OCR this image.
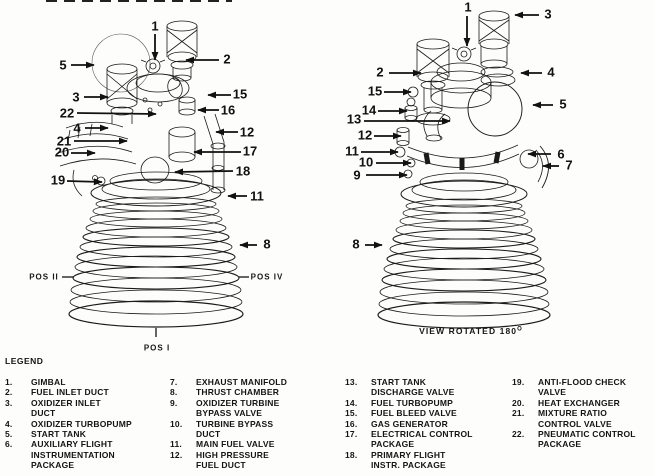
1
2
5
3	15
16
22
4	12
21
20	17
18
19
11
8
POS II	POS IV
POS I
1	3
2	4
15
5
14
13
12
11	6
10	7
9
8
VIEW ROTATED $180^O$
LEGEND
1.	GIMBAL
2.	FUEL INLET DUCT
3.	OXIDIZER INLET
DUCT
4.	OXIDIZER TURBOPUMP
5.	START TANK
6.	AUXILIARY FLIGHT
INSTRUMENTATION
PACKAGE
7.	EXHAUST MANIFOLD
8.	THRUST CHAMBER
9.	OXIDIZER TURBINE
BYPASS VALVE
10.	TURBINE BYPASS
DUCT
11.	MAIN FUEL VALVE
12.	HIGH PRESSURE
FUEL DUCT
13.	START TANK
DISCHARGE VALVE
14.	FUEL TURBOPUMP
15.	FUEL BLEED VALVE
16.	GAS GENERATOR
17.	ELECTRICAL CONTROL
PACKAGE
18.	PRIMARY FLIGHT
INSTR. PACKAGE
19.	ANTI-FLOOD CHECK
VALVE
20.	HEAT EXCHANGER
21.	MIXTURE RATIO
CONTROL VALVE
22.	PNEUMATIC CONTROL
PACKAGE
